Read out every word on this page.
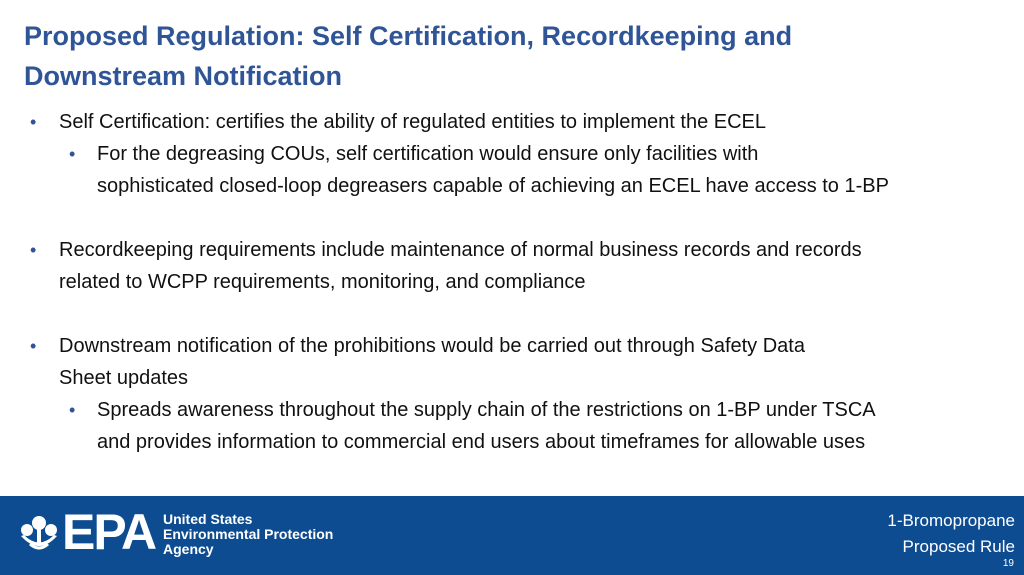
Proposed Regulation: Self Certification, Recordkeeping and
Downstream Notification
• Self Certification: certifies the ability of regulated entities to implement the ECEL
• For the degreasing COUs, self certification would ensure only facilities with
sophisticated closed-loop degreasers capable of achieving an ECEL have access to 1-BP
• Recordkeeping requirements include maintenance of normal business records and records
related to WCPP requirements, monitoring, and compliance
• Downstream notification of the prohibitions would be carried out through Safety Data
Sheet updates
• Spreads awareness throughout the supply chain of the restrictions on 1-BP under TSCA
and provides information to commercial end users about timeframes for allowable uses
EPA United States
Environmental Protection
Agency
1-Bromopropane
Proposed Rule
19
